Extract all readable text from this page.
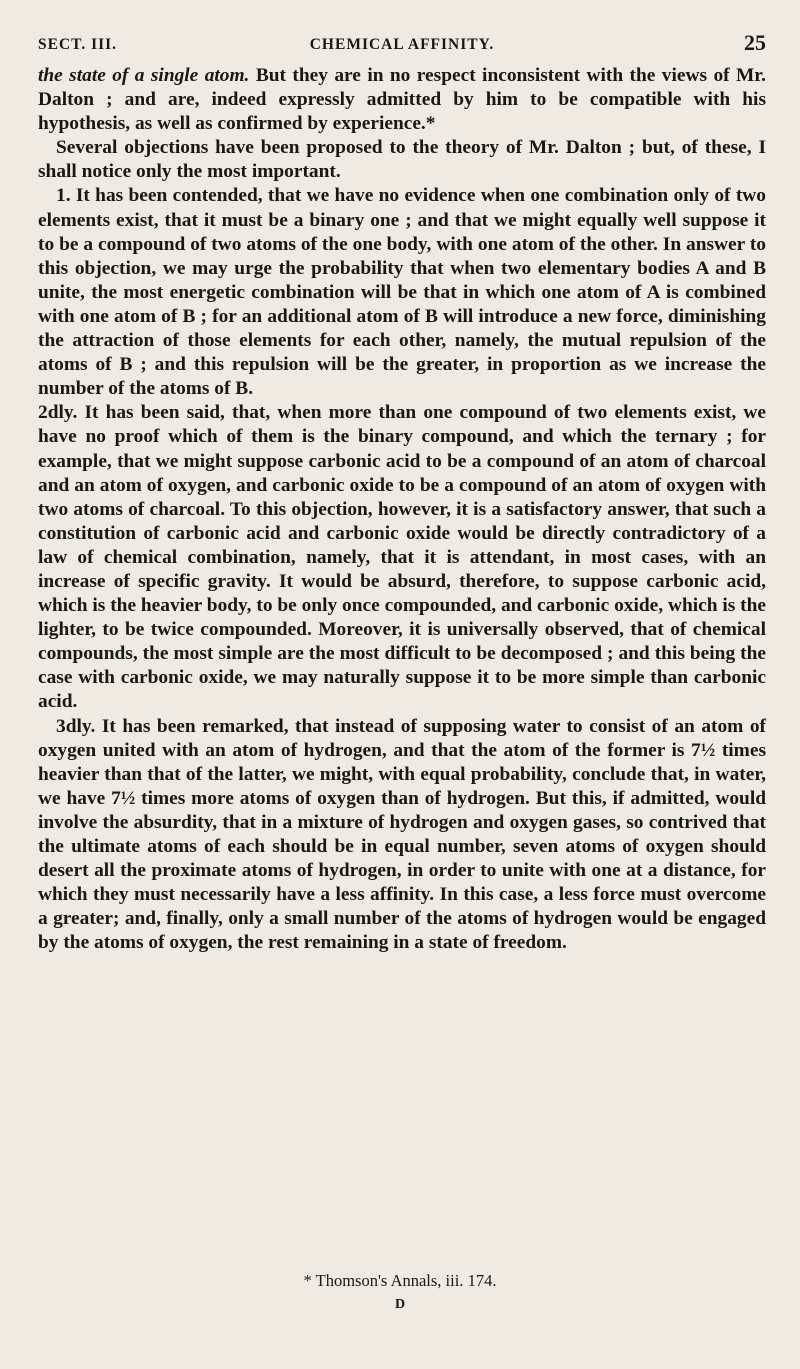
SECT. III.	CHEMICAL AFFINITY.	25

the state of a single atom. But they are in no respect inconsistent with the views of Mr. Dalton ; and are, indeed expressly admitted by him to be compatible with his hypothesis, as well as confirmed by experience.*

Several objections have been proposed to the theory of Mr. Dalton ; but, of these, I shall notice only the most important.

1. It has been contended, that we have no evidence when one combination only of two elements exist, that it must be a binary one ; and that we might equally well suppose it to be a compound of two atoms of the one body, with one atom of the other. In answer to this objection, we may urge the probability that when two elementary bodies A and B unite, the most energetic combination will be that in which one atom of A is combined with one atom of B ; for an additional atom of B will introduce a new force, diminishing the attraction of those elements for each other, namely, the mutual repulsion of the atoms of B ; and this repulsion will be the greater, in proportion as we increase the number of the atoms of B.

2dly. It has been said, that, when more than one compound of two elements exist, we have no proof which of them is the binary compound, and which the ternary ; for example, that we might suppose carbonic acid to be a compound of an atom of charcoal and an atom of oxygen, and carbonic oxide to be a compound of an atom of oxygen with two atoms of charcoal. To this objection, however, it is a satisfactory answer, that such a constitution of carbonic acid and carbonic oxide would be directly contradictory of a law of chemical combination, namely, that it is attendant, in most cases, with an increase of specific gravity. It would be absurd, therefore, to suppose carbonic acid, which is the heavier body, to be only once compounded, and carbonic oxide, which is the lighter, to be twice compounded. Moreover, it is universally observed, that of chemical compounds, the most simple are the most difficult to be decomposed ; and this being the case with carbonic oxide, we may naturally suppose it to be more simple than carbonic acid.

3dly. It has been remarked, that instead of supposing water to consist of an atom of oxygen united with an atom of hydrogen, and that the atom of the former is 7½ times heavier than that of the latter, we might, with equal probability, conclude that, in water, we have 7½ times more atoms of oxygen than of hydrogen. But this, if admitted, would involve the absurdity, that in a mixture of hydrogen and oxygen gases, so contrived that the ultimate atoms of each should be in equal number, seven atoms of oxygen should desert all the proximate atoms of hydrogen, in order to unite with one at a distance, for which they must necessarily have a less affinity. In this case, a less force must overcome a greater; and, finally, only a small number of the atoms of hydrogen would be engaged by the atoms of oxygen, the rest remaining in a state of freedom.

* Thomson's Annals, iii. 174.
D
